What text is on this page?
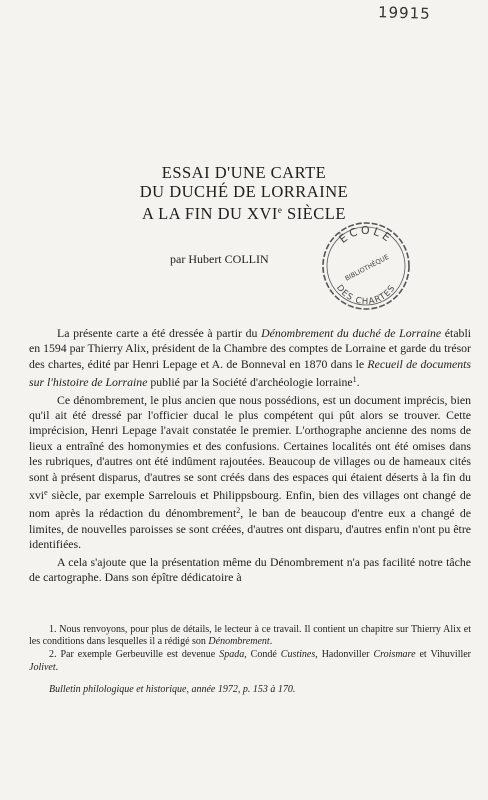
19915
ESSAI D'UNE CARTE
DU DUCHÉ DE LORRAINE
A LA FIN DU XVIe SIÈCLE
par Hubert COLLIN
ÉCOLE
BIBLIOTHÈQUE
DES CHARTES

La présente carte a été dressée à partir du Dénombrement du duché de Lorraine établi en 1594 par Thierry Alix, président de la Chambre des comptes de Lorraine et garde du trésor des chartes, édité par Henri Lepage et A. de Bonneval en 1870 dans le Recueil de documents sur l'histoire de Lorraine publié par la Société d'archéologie lorraine$^1$.

Ce dénombrement, le plus ancien que nous possédions, est un document imprécis, bien qu'il ait été dressé par l'officier ducal le plus compétent qui pût alors se trouver. Cette imprécision, Henri Lepage l'avait constatée le premier. L'orthographe ancienne des noms de lieux a entraîné des homonymies et des confusions. Certaines localités ont été omises dans les rubriques, d'autres ont été indûment rajoutées. Beaucoup de villages ou de hameaux cités sont à présent disparus, d'autres se sont créés dans des espaces qui étaient déserts à la fin du xvi$^e$ siècle, par exemple Sarrelouis et Philippsbourg. Enfin, bien des villages ont changé de nom après la rédaction du dénombrement$^2$, le ban de beaucoup d'entre eux a changé de limites, de nouvelles paroisses se sont créées, d'autres ont disparu, d'autres enfin n'ont pu être identifiées.

A cela s'ajoute que la présentation même du Dénombrement n'a pas facilité notre tâche de cartographe. Dans son épître dédicatoire à

1. Nous renvoyons, pour plus de détails, le lecteur à ce travail. Il contient un chapitre sur Thierry Alix et les conditions dans lesquelles il a rédigé son Dénombrement.

2. Par exemple Gerbeuville est devenue Spada, Condé Custines, Hadonviller Croismare et Vihuviller Jolivet.

Bulletin philologique et historique, année 1972, p. 153 à 170.
